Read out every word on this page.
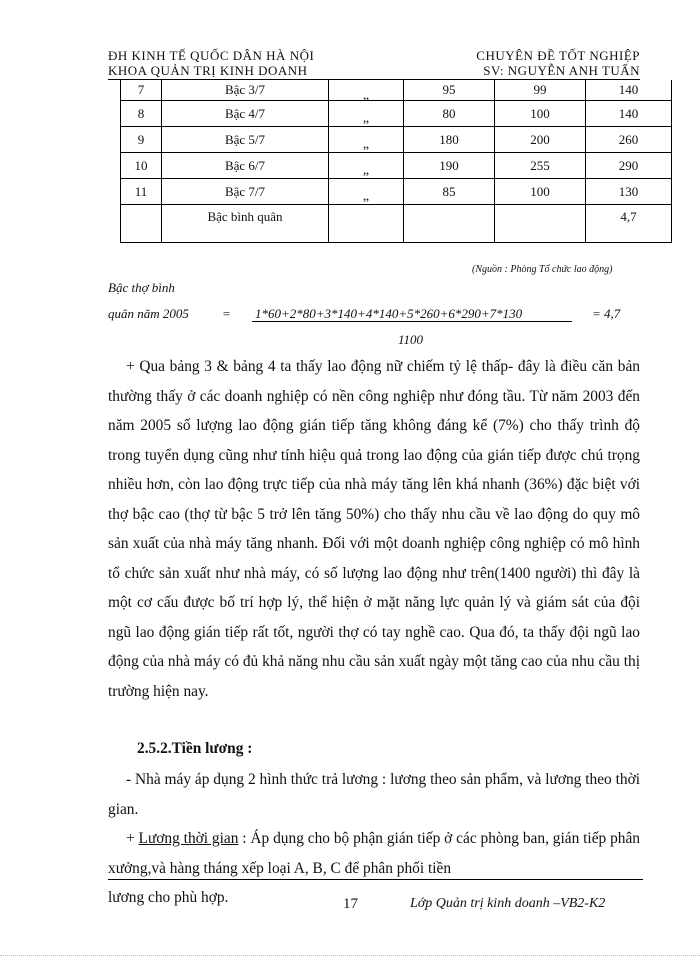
ĐH KINH TẾ QUỐC DÂN HÀ NỘI	CHUYÊN ĐỀ TỐT NGHIỆP
KHOA QUẢN TRỊ KINH DOANH	SV: NGUYỄN ANH TUẤN
7	Bậc 3/7	„	95	99	140
8	Bậc 4/7	„	80	100	140
9	Bậc 5/7	„	180	200	260
10	Bậc 6/7	„	190	255	290
11	Bậc 7/7	„	85	100	130
	Bậc bình quân				4,7
(Nguồn : Phòng Tổ chức lao động)
Bậc thợ bình
quân năm 2005	= 1*60+2*80+3*140+4*140+5*260+6*290+7*130
1100
= 4,7

+ Qua bảng 3 & bảng 4 ta thấy lao động nữ chiếm tỷ lệ thấp- đây là điều căn bản thường thấy ở các doanh nghiệp có nền công nghiệp như đóng tầu. Từ năm 2003 đến năm 2005 số lượng lao động gián tiếp tăng không đáng kể (7%) cho thấy trình độ trong tuyển dụng cũng như tính hiệu quả trong lao động của gián tiếp được chú trọng nhiều hơn, còn lao động trực tiếp của nhà máy tăng lên khá nhanh (36%) đặc biệt với thợ bậc cao (thợ từ bậc 5 trở lên tăng 50%) cho thấy nhu cầu về lao động do quy mô sản xuất của nhà máy tăng nhanh. Đối với một doanh nghiệp công nghiệp có mô hình tổ chức sản xuất như nhà máy, có số lượng lao động như trên(1400 người) thì đây là một cơ cấu được bố trí hợp lý, thể hiện ở mặt năng lực quản lý và giám sát của đội ngũ lao động gián tiếp rất tốt, người thợ có tay nghề cao. Qua đó, ta thấy đội ngũ lao động của nhà máy có đủ khả năng nhu cầu sản xuất ngày một tăng cao của nhu cầu thị trường hiện nay.

2.5.2.Tiền lương :

- Nhà máy áp dụng 2 hình thức trả lương : lương theo sản phẩm, và lương theo thời gian.

+ Lương thời gian : Áp dụng cho bộ phận gián tiếp ở các phòng ban, gián tiếp phân xưởng,và hàng tháng xếp loại A, B, C để phân phối tiền

lương cho phù hợp.	17	Lớp Quản trị kinh doanh –VB2-K2
